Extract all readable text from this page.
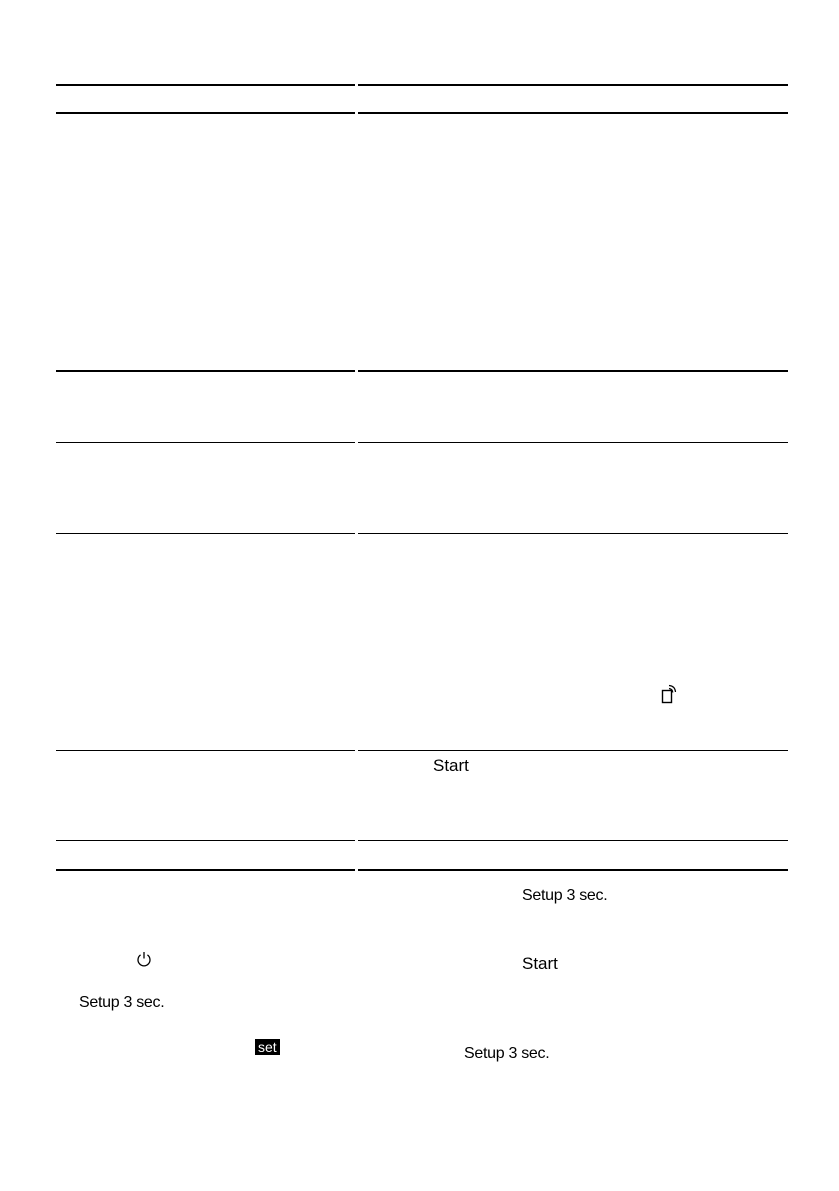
Start
Setup 3 sec.
Start
Setup 3 sec.
set	Setup 3 sec.
